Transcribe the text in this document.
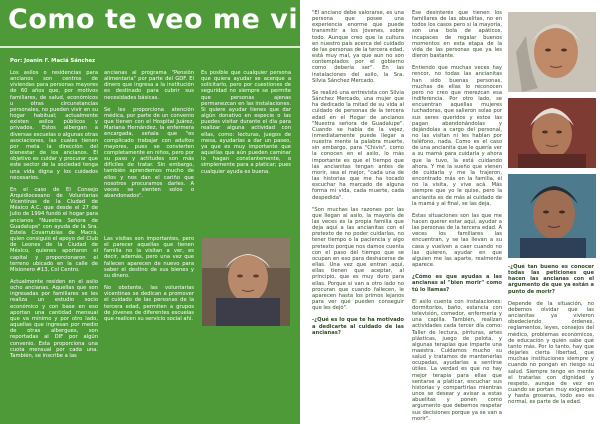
Como te veo me vi
Por: Joanin F. Maciá Sánchez

Los asilos o residencias para ancianos son centros de viviendas para personas mayores de 60 años que, por motivos familiares, de salud, económicos u otras circunstancias personales, no pueden vivir en su hogar habitual; actualmente existen asilos públicos y privados. Estos albergan a diversas escuelas o algunas otras asociaciones, las cuales tienen por meta la dirección del bienestar de los ancianos. El objetivo es cuidar y procurar que este sector de la sociedad tenga una vida digna y los cuidados necesarios.

En el caso de El Consejo Arquidiocesano de Voluntarias Vicentinas de la Ciudad de México A.C. que desde el 27 de Julio de 1994 fundó el hogar para ancianos "Nuestra Señora de Guadalupe" con ayuda de la Sra. Estela Covarrubias de Macrá, quien consiguió el apoyo del Club de Leones de la Ciudad de México, quienes aportaron el capital y proporcionaron el terreno ubicado en la calle de Misionero #13, Col Centro.

Actualmente residen en el asilo ocho ancianas. Aquellas que son ingresadas por familiares se les realiza un estudio socio económico y con base en eso aportan una cantidad mensual que va mínimo y por otro lado, aquellas que ingresan por medio de otras albergues, son reportadas al DIF por algún convenio. Esta proporciona una cuota mensual por cada una. También, se inscribe a las

ancianas al programa "Pensión alimentaria" por parte del GDF. El dinero que ingresa a la institución es destinado para cubrir sus necesidades básicas.

Se les proporciona atención médica, por parte de un convenio que tienen con el Hospital Juárez, Mariana Hernández, la enfermera encargada, señala que "es complicado trabajar con adultos mayores, pues se convierten completamente en niños, pero por su paso y actitudes son más difíciles de tratar. Sin embargo, también aprendemos mucho de ellos y nos dan el cariño que nosotros procuramos darles. A veces se sienten solos o abandonados".

Es posible que cualquier persona que quiera ayudar se acerque a solicitarlo, pero por cuestiones de seguridad no siempre se permite que personas ajenas permanezcan en las instalaciones. Si quiere ayudar tienes que dar algún donativo en especie o las puedes visitar durante el día para realizar alguna actividad con ellas, como: lecturas, juegos de mesa, ayudarlas a dar un paseo, ya que es muy importante que aquellas que aún pueden caminar lo hagan constantemente, o simplemente para a platicar; pues cualquier ayuda es buena.

Las visitas son importantes, pero el parecer aquellas que tienen familia no la visitan a ver, es decir, además, pero una vez que fallecen aparecen de nuevo para saber el destino de sus bienes y su dinero.

No obstante, las voluntarias vicentinas se dedican a promover el cuidado de las personas de la tercera edad, permiten a grupos de jóvenes de diferentes escuelas que realicen su servicio social ahí.

"El anciano debe valorarse, es una persona que posee una experiencia enorme que puede transmitir a los jóvenes, sobre todo. Aunque creo que la cultura en nuestro país acerca del cuidado de las personas de la tercera edad, está muy mal, ya que aun no son contemplados por el gobierno como debería ser". En las instalaciones del asilo, la Sra. Silvia Sánchez Mercado.

Se realizó una entrevista con Silvia Sánchez Mercado, una mujer que ha dedicado la mitad de su vida al cuidado de personas de la tercera edad en el Hogar de ancianos "Nuestra señora de Guadalupe". Cuando se habla de la vejez, inmediatamente puede llegar a nuestra mente la palabra muerte, sin embargo, para "Chivis", como la conocen en el asilo, lo más importante es que el tiempo que las ancianitas tengan antes de morir, sea el mejor, "cada una de las historias que me ha tocado escuchar ha marcado de alguna forma mi vida, cada muerte, cada despedida".

"Son muchas las razones por las que llegan al asilo, la mayoría de las veces es la propia familia que deja aquí a las ancianitas con el pretexto de no poder cuidarlas, no tener tiempo o la paciencia y algo pretexto porque nos damos cuenta con el paso del tiempo que se ocupan en eso para deshacerse de ellas. Una vez que entran aquí, ellas tienen que aceptar, al principio, que es muy duro para ellas. Porque si van a otro lado no procuran que cuando fallecen, le aparecen hasta los primos lejanos para ver qué pueden conseguir que les dejó".

-¿Qué es lo que te ha motivado a dedicarte al cuidado de las ancianas?

Ese desinterés que tienen los familiares de las abuelitas, no en todos los casos pero si la mayoría, son una bola de apáticos, incapaces de regalar buenos momentos en esta etapa de la vida de las personas que ya les dieron bastante.

Entiendo que muchas veces hay rencor, no todas las ancianitas han sido buenas personas, muchas de ellas lo reconocen pero no creo que merezcan esa indiferencia. Por otro lado, se encuentran aquellas mujeres luchadoras, que salieron solas por sus seres queridos y estos las pagan abandonándolas y dejándolas a cargo del personal, no las visitan ni les hablan por teléfono, nada. Como es el caso de una ancianita que le quería ver a su mamá para cuidarla y ahora que la tuvo, la está cuidando ahora. Y me la sueño que vienen de cuidarla y me la trajeron, encontrado más en la familia, él no la visita, y vive acá. Más siempre que yo le quise, pero la ancianita es de más al cuidado de la mamá y al final, se las deja.

Estas situaciones son las que me hacen querer estar aquí, ayudar a las personas de la tercera edad. A veces los familiares las encuentran, y se las llevan a su casa y vuelven a caer cuando no las quieren, ayudar en que alguien me las aparte, realmente aparece.

¿Cómo es que ayudas a las ancianas al "bien morir" como tú lo llamas?

El asilo cuenta con instalaciones: dormitorios, baño, estancia con televisión, comedor, enfermería y una capilla. También, realizan actividades cada tercer día como: Taller de lectura, pinturas, artes plásticas, juego de pelota, y algunas terapias que imparte una maestra. Cuidamos mucho su salud y tratamos de mantenerlas ocupadas, ayudarlas a sentirse útiles. La verdad es que no hay mejor terapia para ellas que sentarse a platicar, escuchar sus historias y compartirlas mientras unos se desear y avisar a estas abuelitas y ponen como argumento que debemos respetar sus decisiones porque ya se van a morir".

-¿Qué tan bueno es conocer todas las peticiones que hacen las ancianas con el argumento de que ya están a punto de morir?

Depende de la situación, no debemos olvidar que las ancianitas ya vivieron obedeciendo órdenes, reglamentos, leyes, consejos del médico, problemas económicos, de educación y quién sabe qué tanto más. Por lo tanto, hay que dejarles cierta libertad, que muchas instituciones siempre y cuando no pongan en riesgo su salud. Siempre tengo en mente el tratarlas con dignidad y respeto, aunque de vez en cuando se portan muy exigentes y hasta groseras, todo eso es normal, es parte de la edad.
